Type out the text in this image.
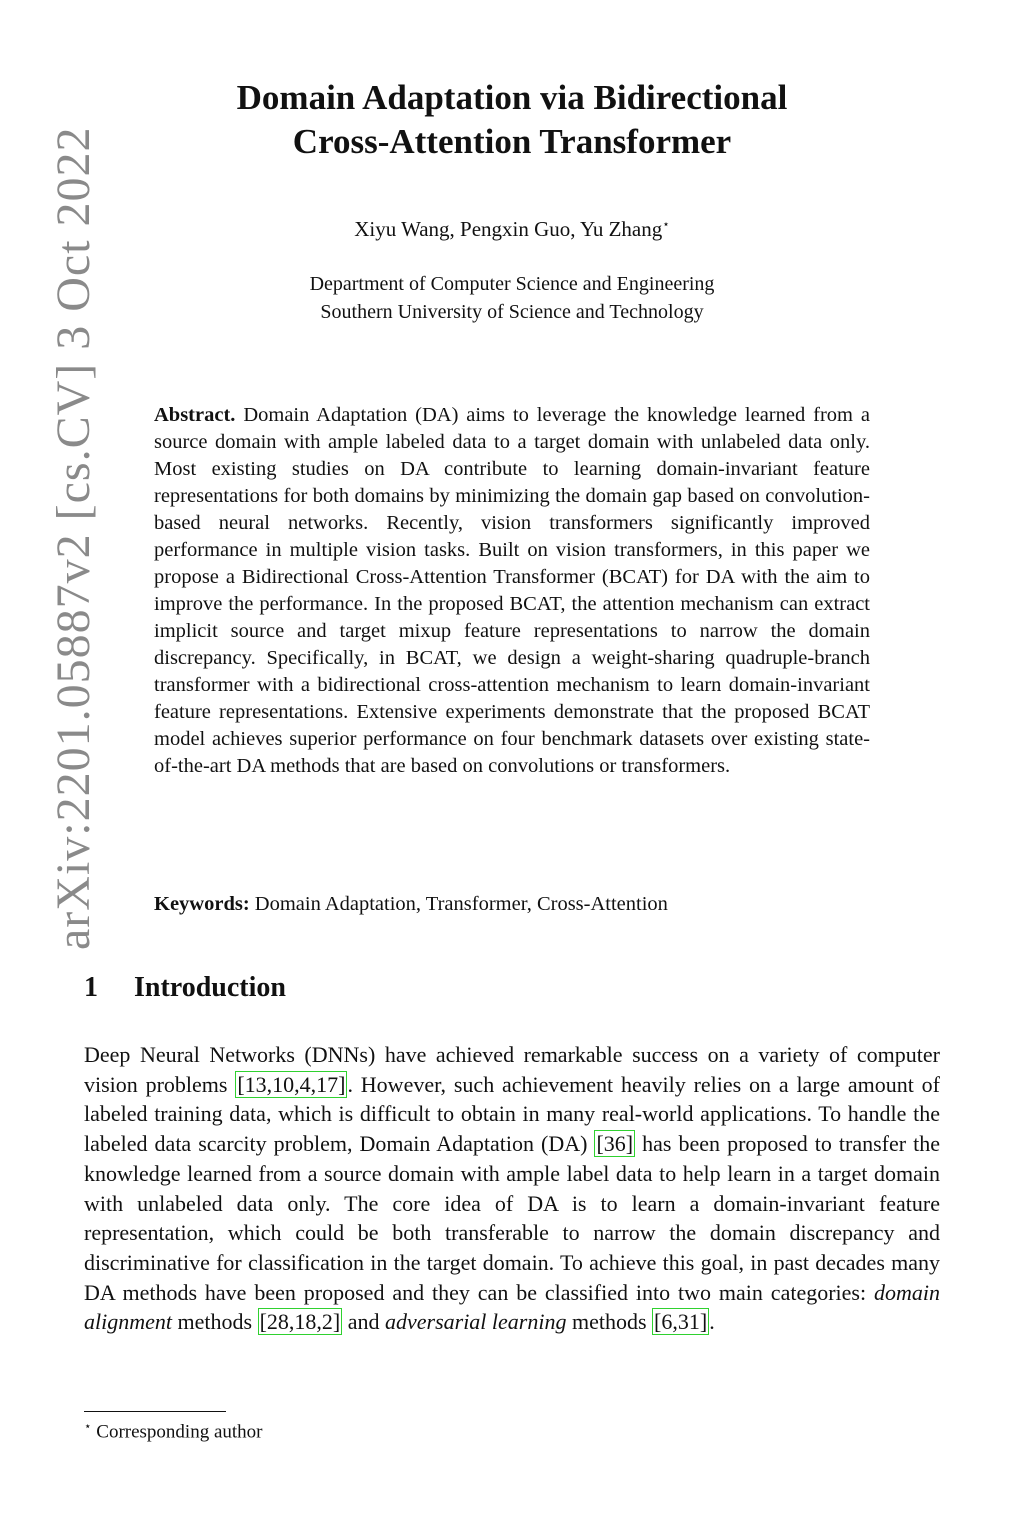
arXiv:2201.05887v2 [cs.CV] 3 Oct 2022
Domain Adaptation via Bidirectional
Cross-Attention Transformer
Xiyu Wang, Pengxin Guo, Yu Zhang⋆
Department of Computer Science and Engineering
Southern University of Science and Technology
Abstract. Domain Adaptation (DA) aims to leverage the knowledge learned from a source domain with ample labeled data to a target domain with unlabeled data only. Most existing studies on DA contribute to learning domain-invariant feature representations for both domains by minimizing the domain gap based on convolution-based neural networks. Recently, vision transformers significantly improved performance in multiple vision tasks. Built on vision transformers, in this paper we propose a Bidirectional Cross-Attention Transformer (BCAT) for DA with the aim to improve the performance. In the proposed BCAT, the attention mechanism can extract implicit source and target mixup feature representations to narrow the domain discrepancy. Specifically, in BCAT, we design a weight-sharing quadruple-branch transformer with a bidirectional cross-attention mechanism to learn domain-invariant feature representations. Extensive experiments demonstrate that the proposed BCAT model achieves superior performance on four benchmark datasets over existing state-of-the-art DA methods that are based on convolutions or transformers.
Keywords: Domain Adaptation, Transformer, Cross-Attention
1 Introduction
Deep Neural Networks (DNNs) have achieved remarkable success on a variety of computer vision problems [13,10,4,17]. However, such achievement heavily relies on a large amount of labeled training data, which is difficult to obtain in many real-world applications. To handle the labeled data scarcity problem, Domain Adaptation (DA) [36] has been proposed to transfer the knowledge learned from a source domain with ample label data to help learn in a target domain with unlabeled data only. The core idea of DA is to learn a domain-invariant feature representation, which could be both transferable to narrow the domain discrepancy and discriminative for classification in the target domain. To achieve this goal, in past decades many DA methods have been proposed and they can be classified into two main categories: domain alignment methods [28,18,2] and adversarial learning methods [6,31].
⋆ Corresponding author
